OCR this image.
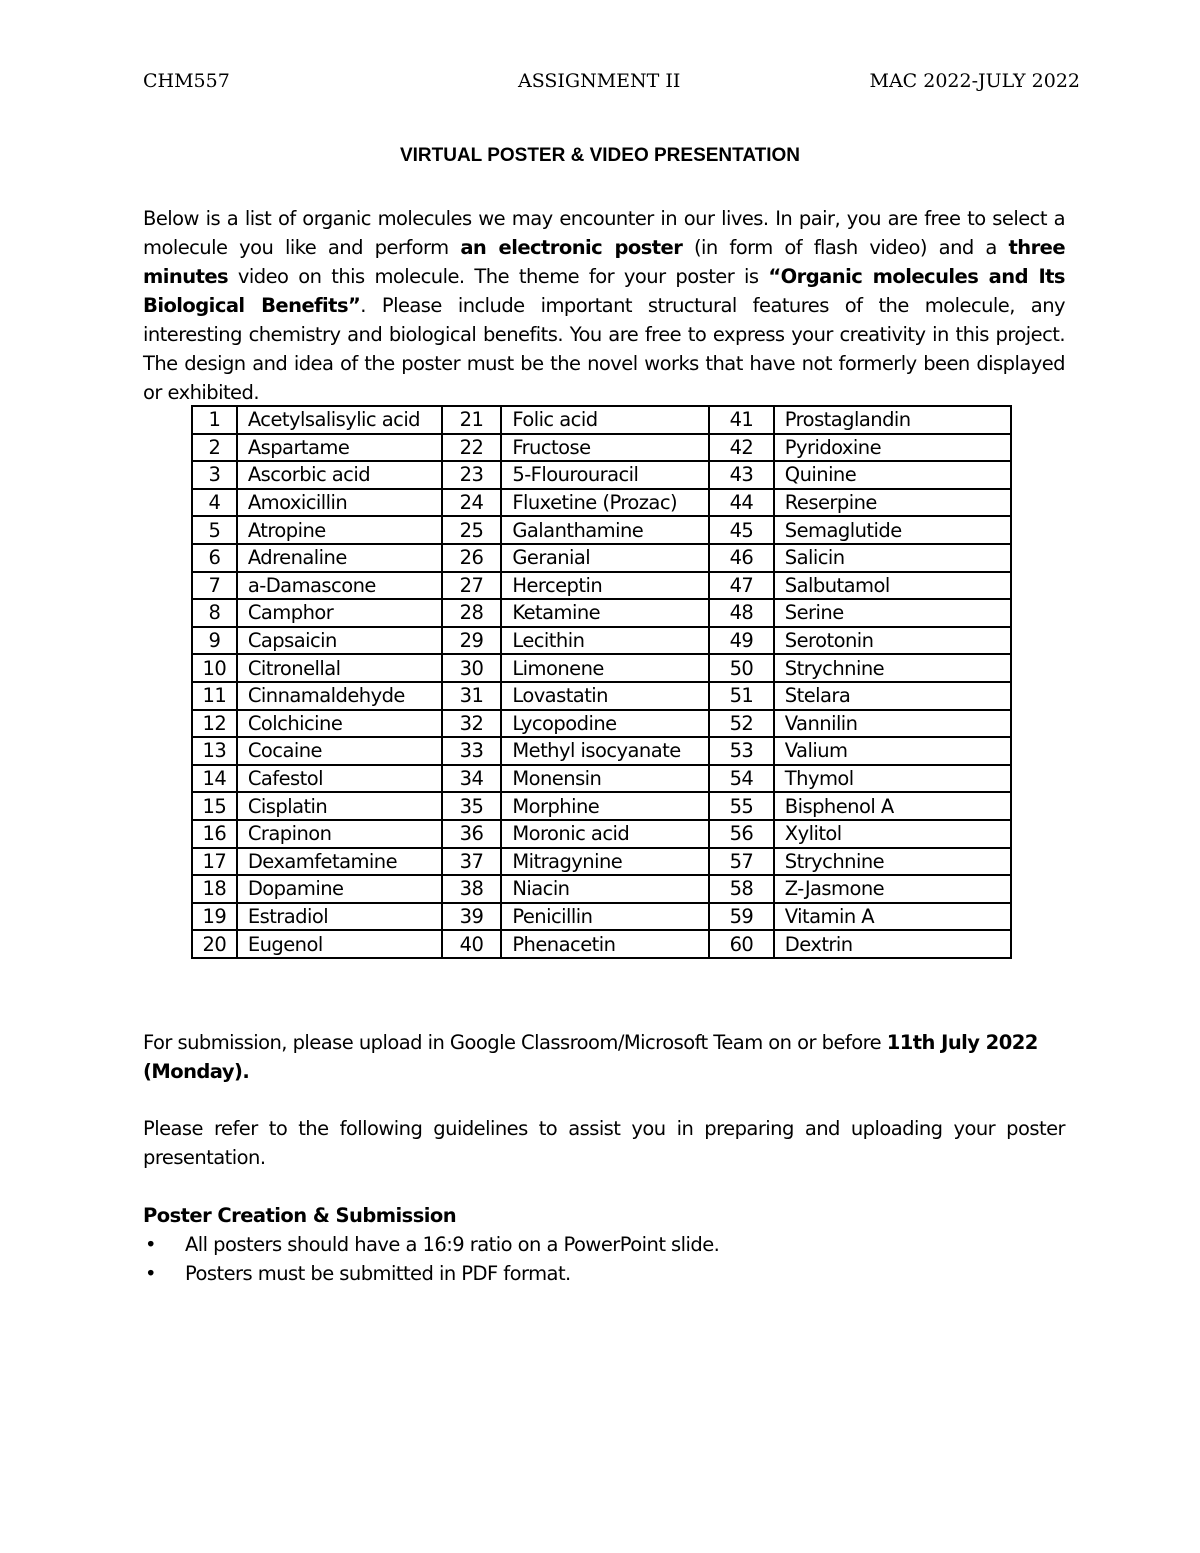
CHM557	ASSIGNMENT II	MAC 2022-JULY 2022
VIRTUAL POSTER & VIDEO PRESENTATION

Below is a list of organic molecules we may encounter in our lives. In pair, you are free to select a molecule you like and perform an electronic poster (in form of flash video) and a three minutes video on this molecule. The theme for your poster is “Organic molecules and Its Biological Benefits”. Please include important structural features of the molecule, any interesting chemistry and biological benefits. You are free to express your creativity in this project. The design and idea of the poster must be the novel works that have not formerly been displayed or exhibited.

1	Acetylsalisylic acid	21	Folic acid	41	Prostaglandin
2	Aspartame	22	Fructose	42	Pyridoxine
3	Ascorbic acid	23	5-Flourouracil	43	Quinine
4	Amoxicillin	24	Fluxetine (Prozac)	44	Reserpine
5	Atropine	25	Galanthamine	45	Semaglutide
6	Adrenaline	26	Geranial	46	Salicin
7	a-Damascone	27	Herceptin	47	Salbutamol
8	Camphor	28	Ketamine	48	Serine
9	Capsaicin	29	Lecithin	49	Serotonin
10	Citronellal	30	Limonene	50	Strychnine
11	Cinnamaldehyde	31	Lovastatin	51	Stelara
12	Colchicine	32	Lycopodine	52	Vannilin
13	Cocaine	33	Methyl isocyanate	53	Valium
14	Cafestol	34	Monensin	54	Thymol
15	Cisplatin	35	Morphine	55	Bisphenol A
16	Crapinon	36	Moronic acid	56	Xylitol
17	Dexamfetamine	37	Mitragynine	57	Strychnine
18	Dopamine	38	Niacin	58	Z-Jasmone
19	Estradiol	39	Penicillin	59	Vitamin A
20	Eugenol	40	Phenacetin	60	Dextrin

For submission, please upload in Google Classroom/Microsoft Team on or before 11th July 2022 (Monday).

Please refer to the following guidelines to assist you in preparing and uploading your poster presentation.

Poster Creation & Submission

• All posters should have a 16:9 ratio on a PowerPoint slide.
• Posters must be submitted in PDF format.
